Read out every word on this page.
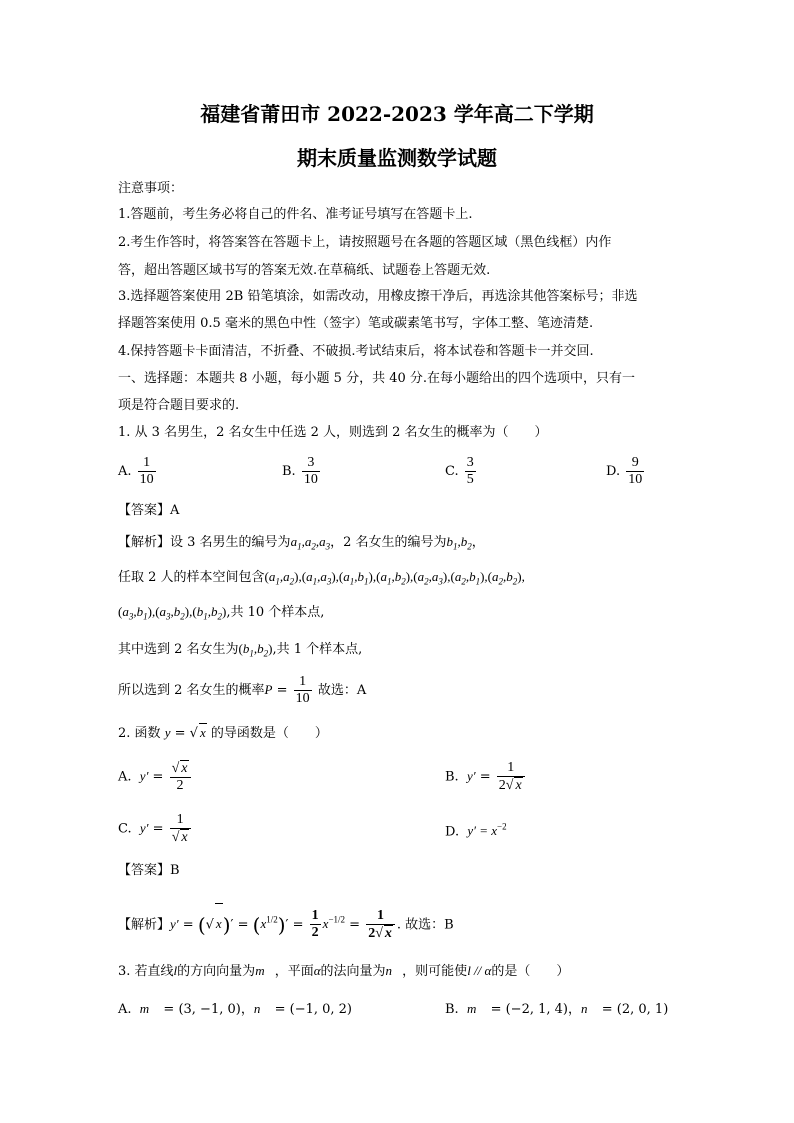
福建省莆田市 2022-2023 学年高二下学期
期末质量监测数学试题
注意事项：
1.答题前，考生务必将自己的件名、准考证号填写在答题卡上.
2.考生作答时，将答案答在答题卡上，请按照题号在各题的答题区域（黑色线框）内作
答，超出答题区域书写的答案无效.在草稿纸、试题卷上答题无效.
3.选择题答案使用 2B 铅笔填涂，如需改动，用橡皮擦干净后，再选涂其他答案标号；非选
择题答案使用 0.5 毫米的黑色中性（签字）笔或碳素笔书写，字体工整、笔迹清楚.
4.保持答题卡卡面清洁，不折叠、不破损.考试结束后，将本试卷和答题卡一并交回.
一、选择题：本题共 8 小题，每小题 5 分，共 40 分.在每小题给出的四个选项中，只有一
项是符合题目要求的.
1. 从 3 名男生，2 名女生中任选 2 人，则选到 2 名女生的概率为（　　）
A. $\frac{1}{10}$	B. $\frac{3}{10}$	C. $\frac{3}{5}$	D. $\frac{9}{10}$
【答案】A
【解析】设 3 名男生的编号为$a_1,a_2,a_3$，2 名女生的编号为$b_1,b_2$，
任取 2 人的样本空间包含$(a_1,a_2),(a_1,a_3),(a_1,b_1),(a_1,b_2),(a_2,a_3),(a_2,b_1),(a_2,b_2)$,
$(a_3,b_1),(a_3,b_2),(b_1,b_2)$,共 10 个样本点,
其中选到 2 名女生为$(b_1,b_2)$,共 1 个样本点,
所以选到 2 名女生的概率$P = \frac{1}{10}$ 故选：A
2. 函数 y = √ x 的导函数是（　　）
A.  $y' = \frac{√ x}{2}$	B.  $y' = \frac{1}{2√ x}$
C.  $y' = \frac{1}{√ x}$	D.  $y' = x^{-2}$
【答案】B
【解析】y′ = (√ $x)' = (x^{1/2})' = \frac{1}{2} x^{-1/2} = \frac{1}{2√ x}$ . 故选：B
3. 若直线l的方向向量为m⃗，平面α的法向量为n⃗，则可能使l // α的是（　　）
A. m⃗ = (3, −1, 0)，n⃗ = (−1, 0, 2)	B. m⃗ = (−2, 1, 4)，n⃗ = (2, 0, 1)
